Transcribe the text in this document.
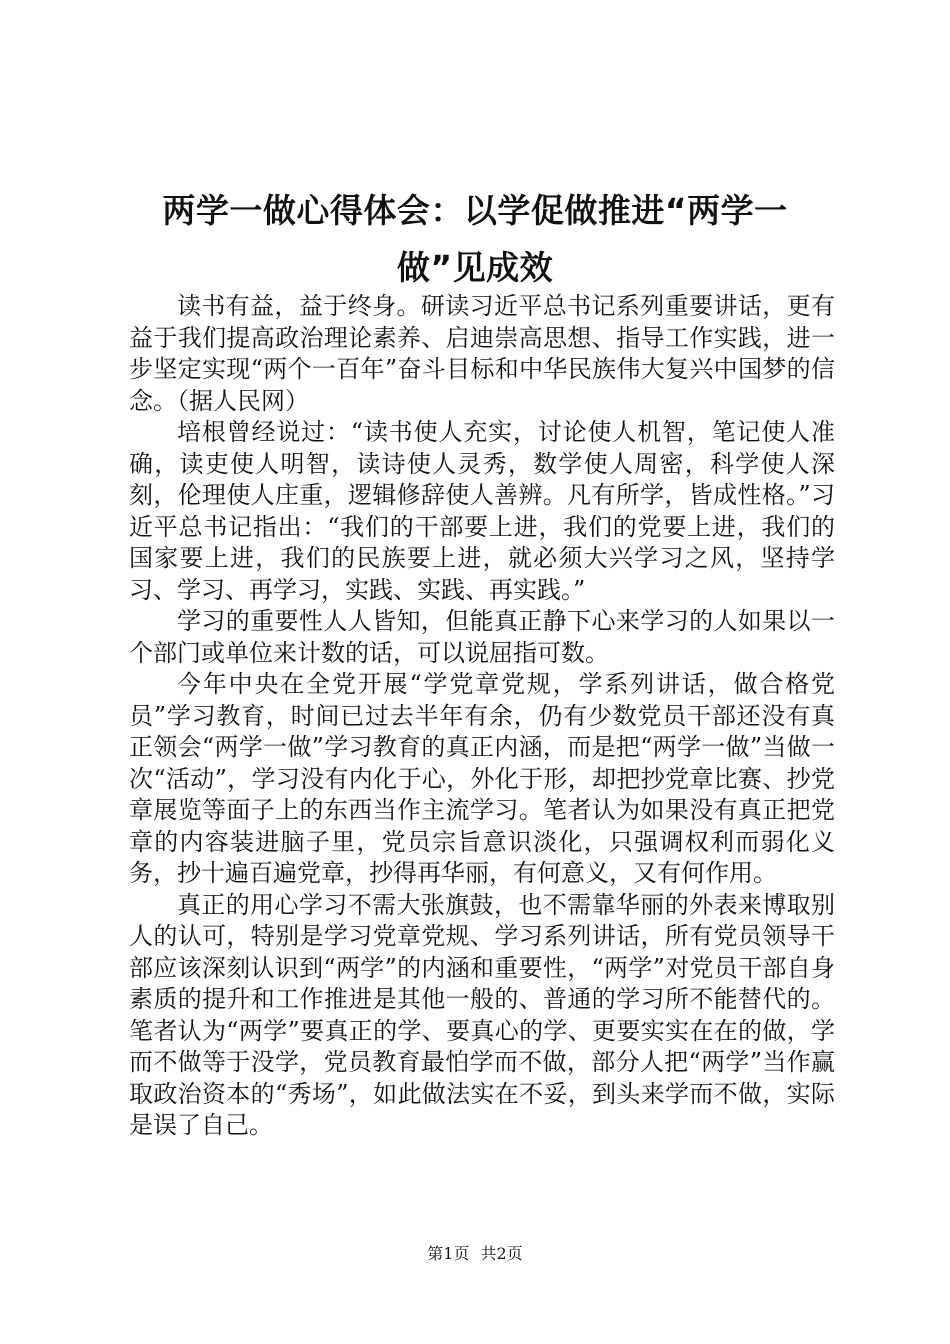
两学一做心得体会：以学促做推进“两学一
做”见成效

读书有益，益于终身。研读习近平总书记系列重要讲话，更有益于我们提高政治理论素养、启迪崇高思想、指导工作实践，进一步坚定实现“两个一百年”奋斗目标和中华民族伟大复兴中国梦的信念。（据人民网）

培根曾经说过：“读书使人充实，讨论使人机智，笔记使人准确，读吏使人明智，读诗使人灵秀，数学使人周密，科学使人深刻，伦理使人庄重，逻辑修辞使人善辨。凡有所学，皆成性格。”习近平总书记指出：“我们的干部要上进，我们的党要上进，我们的国家要上进，我们的民族要上进，就必须大兴学习之风，坚持学习、学习、再学习，实践、实践、再实践。”

学习的重要性人人皆知，但能真正静下心来学习的人如果以一个部门或单位来计数的话，可以说屈指可数。

今年中央在全党开展“学党章党规，学系列讲话，做合格党员”学习教育，时间已过去半年有余，仍有少数党员干部还没有真正领会“两学一做”学习教育的真正内涵，而是把“两学一做”当做一次“活动”，学习没有内化于心，外化于形，却把抄党章比赛、抄党章展览等面子上的东西当作主流学习。笔者认为如果没有真正把党章的内容装进脑子里，党员宗旨意识淡化，只强调权利而弱化义务，抄十遍百遍党章，抄得再华丽，有何意义，又有何作用。

真正的用心学习不需大张旗鼓，也不需靠华丽的外表来博取别人的认可，特别是学习党章党规、学习系列讲话，所有党员领导干部应该深刻认识到“两学”的内涵和重要性，“两学”对党员干部自身素质的提升和工作推进是其他一般的、普通的学习所不能替代的。笔者认为“两学”要真正的学、要真心的学、更要实实在在的做，学而不做等于没学，党员教育最怕学而不做，部分人把“两学”当作赢取政治资本的“秀场”，如此做法实在不妥，到头来学而不做，实际是误了自己。

第1页 共2页
